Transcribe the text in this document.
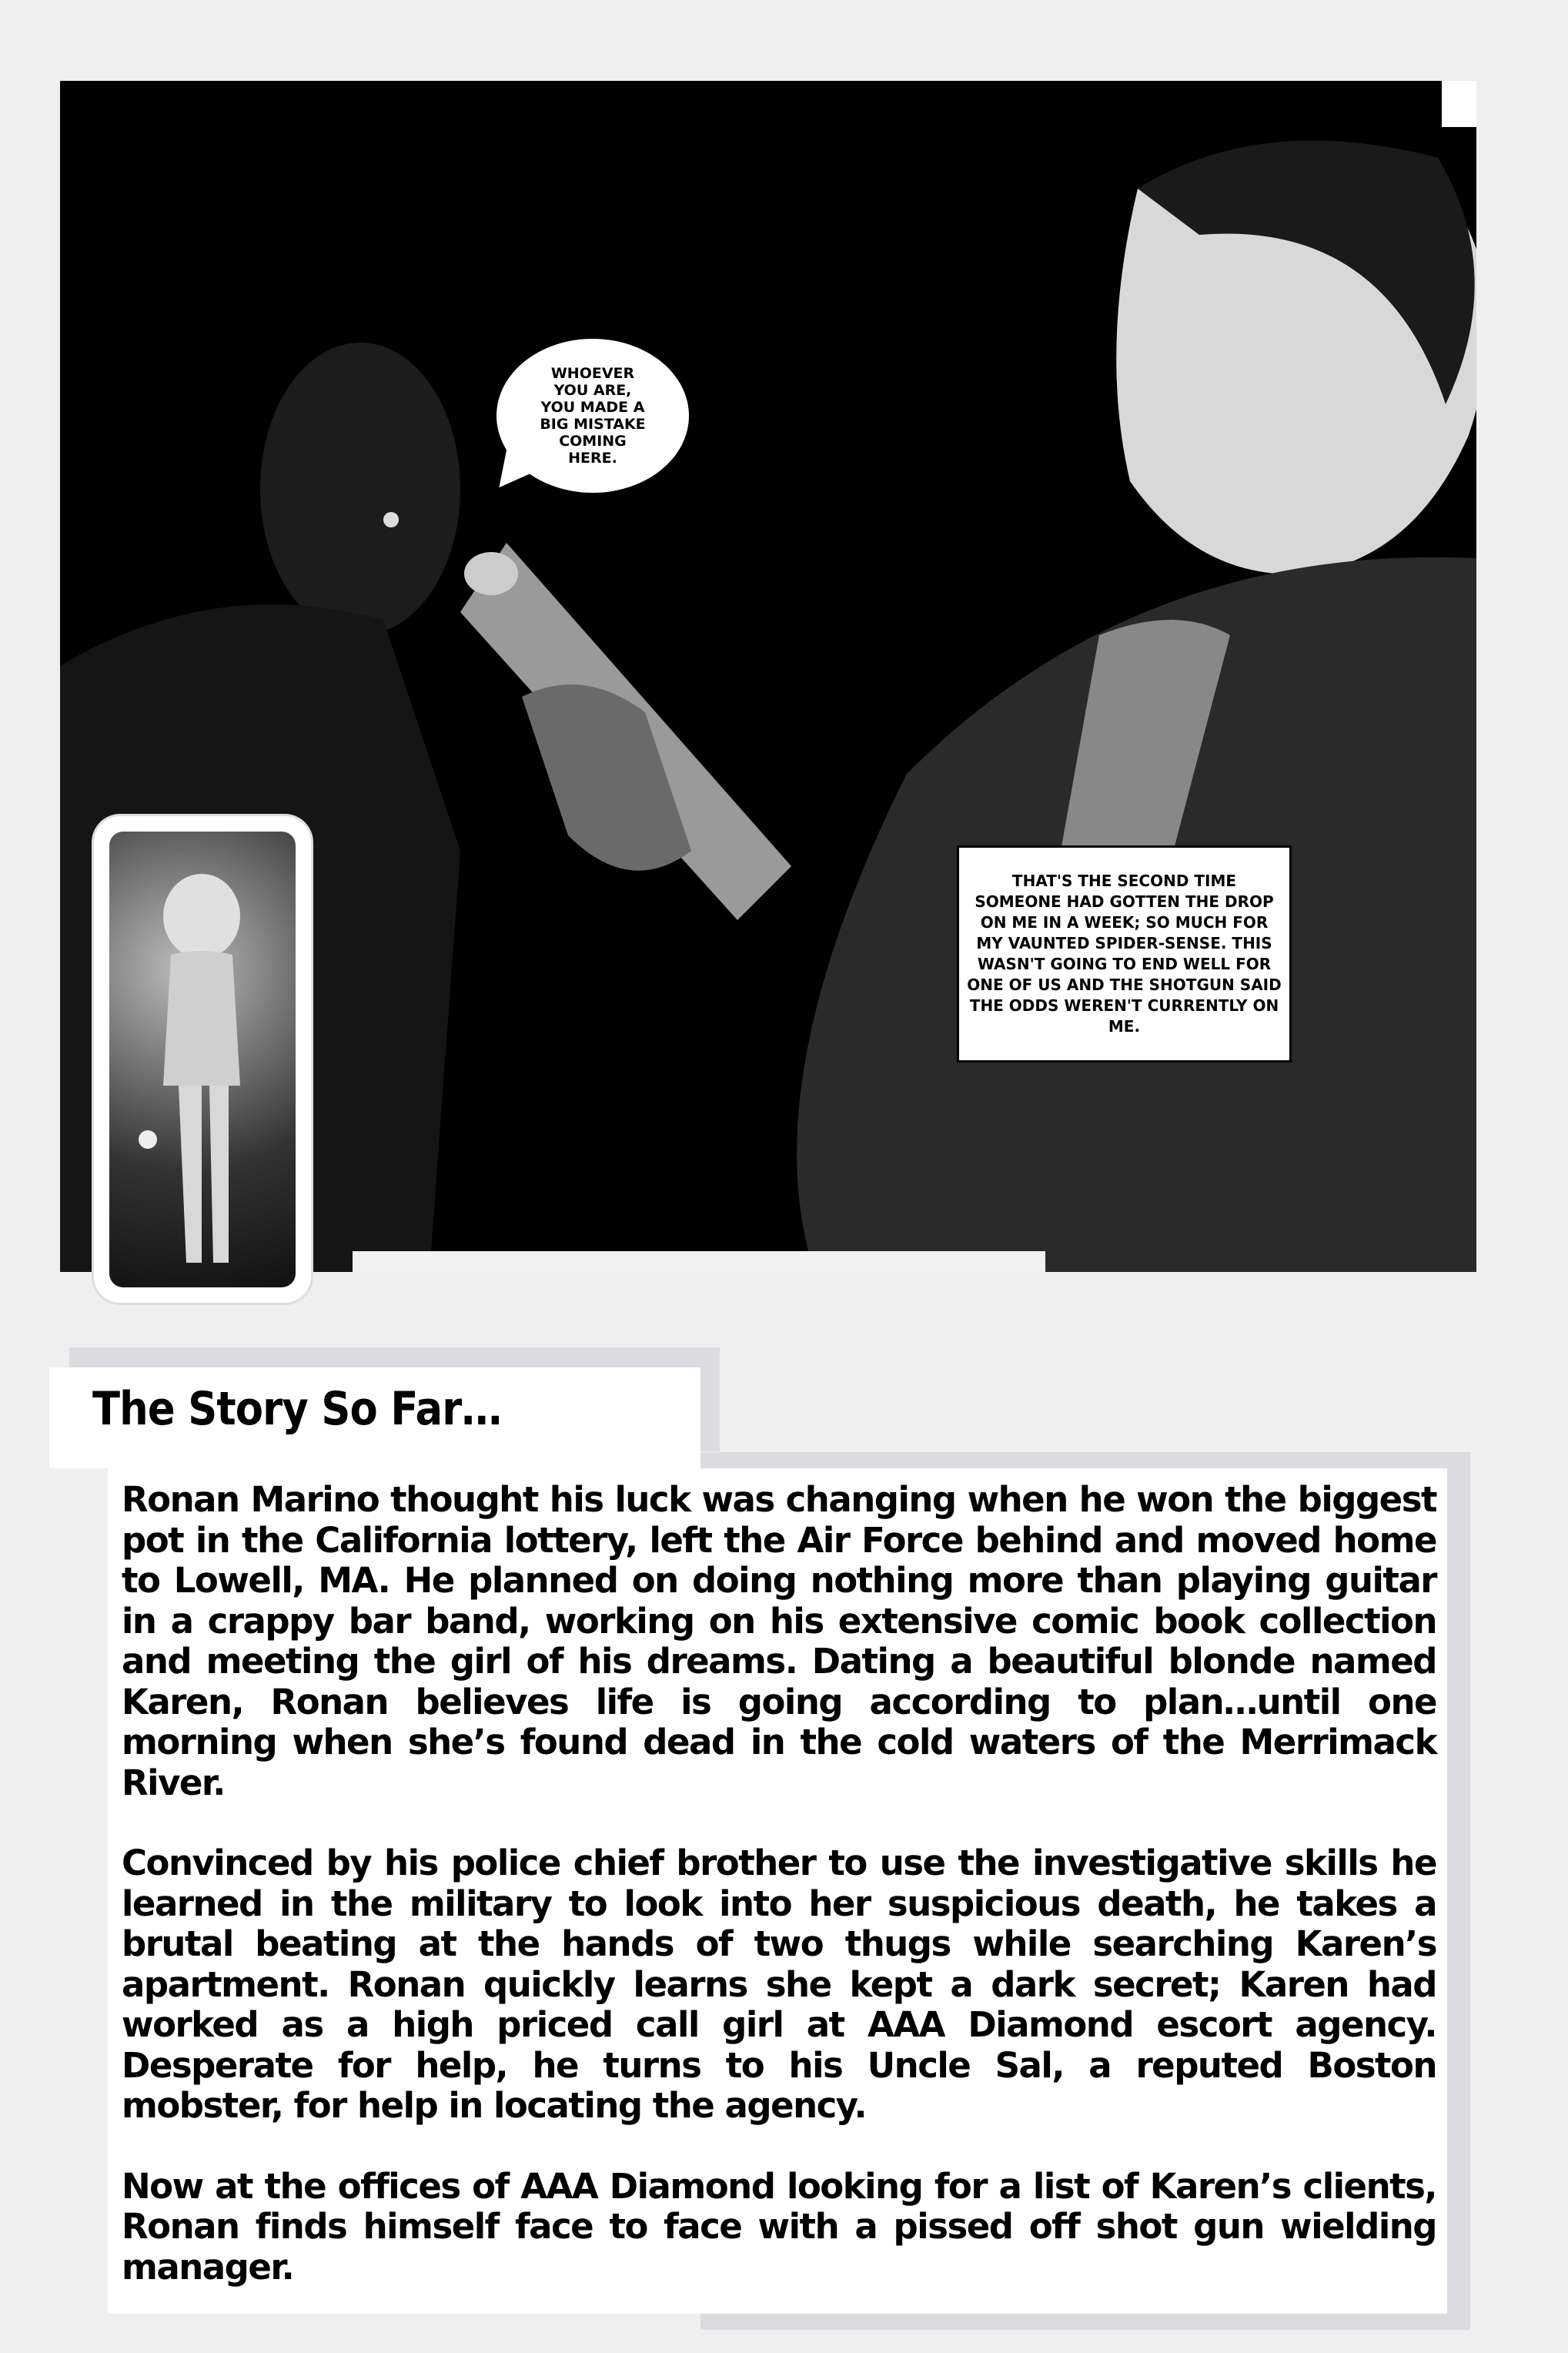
WHOEVER YOU ARE, YOU MADE A BIG MISTAKE COMING HERE.
THAT'S THE SECOND TIME SOMEONE HAD GOTTEN THE DROP ON ME IN A WEEK; SO MUCH FOR MY VAUNTED SPIDER-SENSE. THIS WASN'T GOING TO END WELL FOR ONE OF US AND THE SHOTGUN SAID THE ODDS WEREN'T CURRENTLY ON ME.
The Story So Far…

Ronan Marino thought his luck was changing when he won the biggest pot in the California lottery, left the Air Force behind and moved home to Lowell, MA. He planned on doing nothing more than playing guitar in a crappy bar band, working on his extensive comic book collection and meeting the girl of his dreams. Dating a beautiful blonde named Karen, Ronan believes life is going according to plan…until one morning when she’s found dead in the cold waters of the Merrimack River.

Convinced by his police chief brother to use the investigative skills he learned in the military to look into her suspicious death, he takes a brutal beating at the hands of two thugs while searching Karen’s apartment. Ronan quickly learns she kept a dark secret; Karen had worked as a high priced call girl at AAA Diamond escort agency. Desperate for help, he turns to his Uncle Sal, a reputed Boston mobster, for help in locating the agency.

Now at the offices of AAA Diamond looking for a list of Karen’s clients, Ronan finds himself face to face with a pissed off shot gun wielding manager.
